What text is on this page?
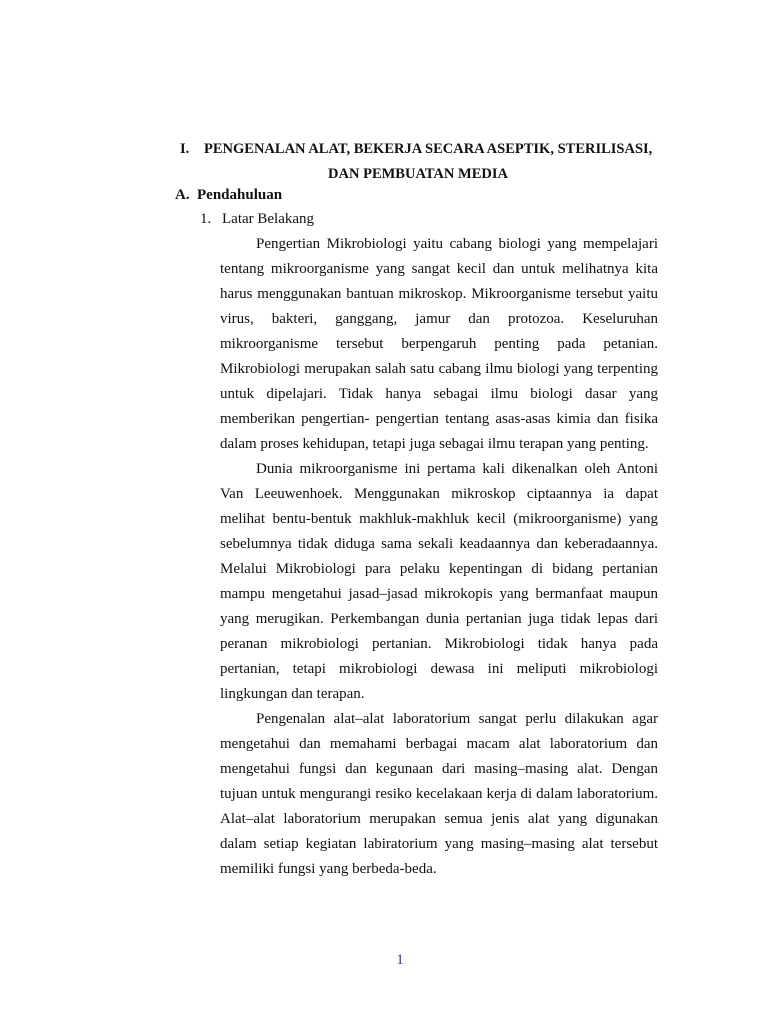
I. PENGENALAN ALAT, BEKERJA SECARA ASEPTIK, STERILISASI,
DAN PEMBUATAN MEDIA
A. Pendahuluan
1. Latar Belakang

Pengertian Mikrobiologi yaitu cabang biologi yang mempelajari tentang mikroorganisme yang sangat kecil dan untuk melihatnya kita harus menggunakan bantuan mikroskop. Mikroorganisme tersebut yaitu virus, bakteri, ganggang, jamur dan protozoa. Keseluruhan mikroorganisme tersebut berpengaruh penting pada petanian. Mikrobiologi merupakan salah satu cabang ilmu biologi yang terpenting untuk dipelajari. Tidak hanya sebagai ilmu biologi dasar yang memberikan pengertian- pengertian tentang asas-asas kimia dan fisika dalam proses kehidupan, tetapi juga sebagai ilmu terapan yang penting.

Dunia mikroorganisme ini pertama kali dikenalkan oleh Antoni Van Leeuwenhoek. Menggunakan mikroskop ciptaannya ia dapat melihat bentu-bentuk makhluk-makhluk kecil (mikroorganisme) yang sebelumnya tidak diduga sama sekali keadaannya dan keberadaannya. Melalui Mikrobiologi para pelaku kepentingan di bidang pertanian mampu mengetahui jasad–jasad mikrokopis yang bermanfaat maupun yang merugikan. Perkembangan dunia pertanian juga tidak lepas dari peranan mikrobiologi pertanian. Mikrobiologi tidak hanya pada pertanian, tetapi mikrobiologi dewasa ini meliputi mikrobiologi lingkungan dan terapan.

Pengenalan alat–alat laboratorium sangat perlu dilakukan agar mengetahui dan memahami berbagai macam alat laboratorium dan mengetahui fungsi dan kegunaan dari masing–masing alat. Dengan tujuan untuk mengurangi resiko kecelakaan kerja di dalam laboratorium. Alat–alat laboratorium merupakan semua jenis alat yang digunakan dalam setiap kegiatan labiratorium yang masing–masing alat tersebut memiliki fungsi yang berbeda-beda.

1
